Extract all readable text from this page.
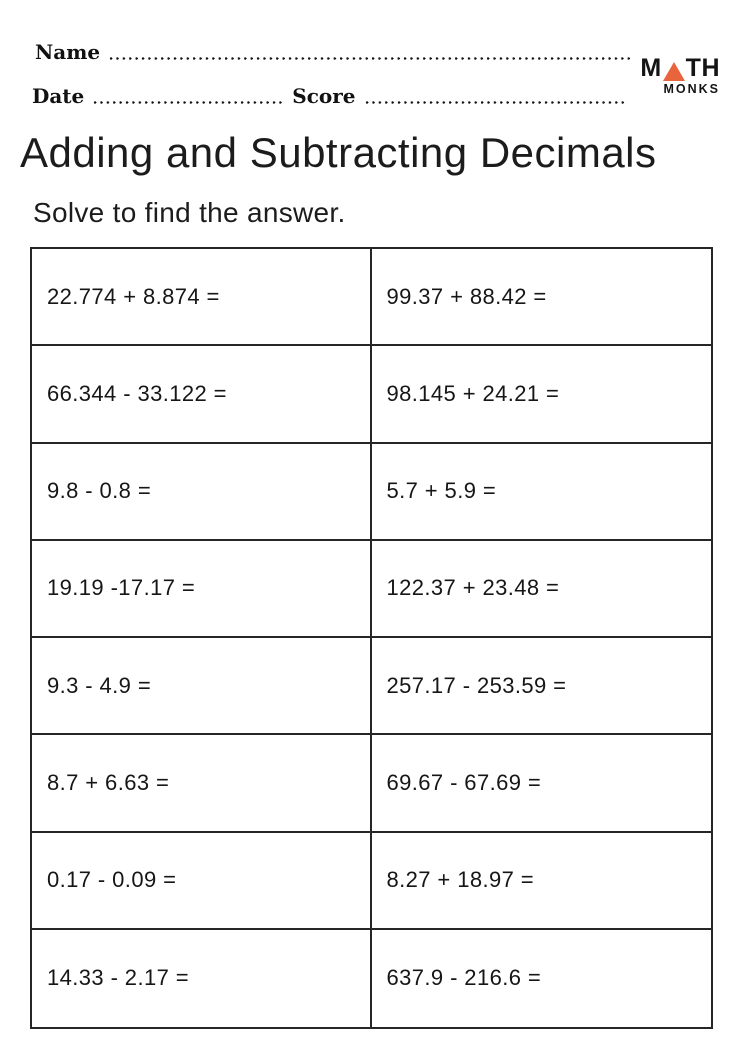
Name
Date	Score
M TH
MONKS
Adding and Subtracting Decimals
Solve to find the answer.
22.774 + 8.874 =	99.37 + 88.42 =
66.344 - 33.122 =	98.145 + 24.21 =
9.8 - 0.8 =	5.7 + 5.9 =
19.19 -17.17 =	122.37 + 23.48 =
9.3 - 4.9 =	257.17 - 253.59 =
8.7 + 6.63 =	69.67 - 67.69 =
0.17 - 0.09 =	8.27 + 18.97 =
14.33 - 2.17 =	637.9 - 216.6 =
